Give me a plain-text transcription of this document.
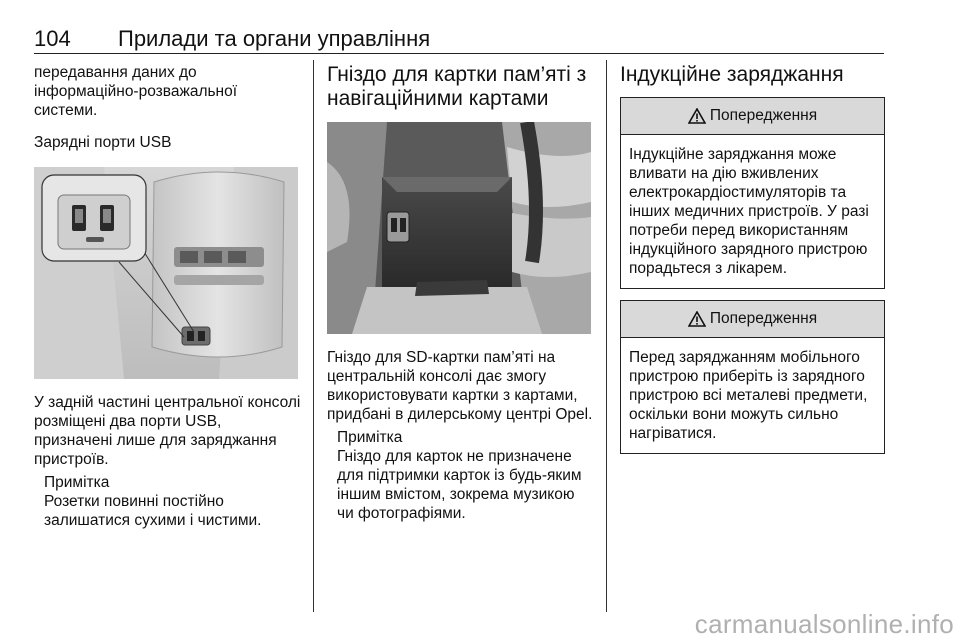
104 Прилади та органи управління

передавання даних до інформаційно-розважальної системи.

Зарядні порти USB

У задній частині центральної консолі розміщені два порти USB, призначені лише для заряджання пристроїв.

Примітка

Розетки повинні постійно залишатися сухими і чистими.

Гніздо для картки пам’яті з навігаційними картами

Гніздо для SD-картки пам’яті на центральній консолі дає змогу використовувати картки з картами, придбані в дилерському центрі Opel.

Примітка

Гніздо для карток не призначене для підтримки карток із будь-яким іншим вмістом, зокрема музикою чи фотографіями.

Індукційне заряджання
Попередження
Індукційне заряджання може вливати на дію вживлених електрокардіостимуляторів та інших медичних пристроїв. У разі потреби перед використанням індукційного зарядного пристрою порадьтеся з лікарем.
Попередження
Перед заряджанням мобільного пристрою приберіть із зарядного пристрою всі металеві предмети, оскільки вони можуть сильно нагріватися.
carmanualsonline.info
